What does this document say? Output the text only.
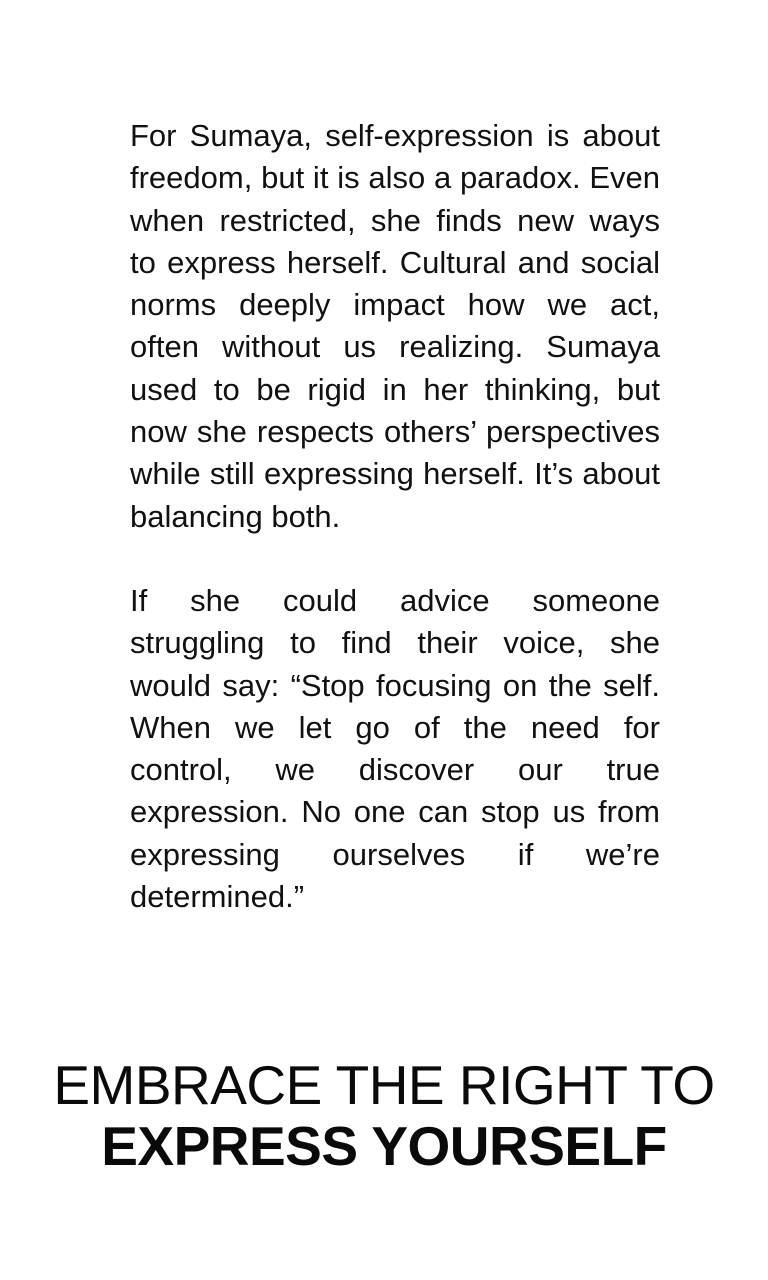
For Sumaya, self-expression is about freedom, but it is also a paradox. Even when restricted, she finds new ways to express herself. Cultural and social norms deeply impact how we act, often without us realizing. Sumaya used to be rigid in her thinking, but now she respects others’ perspectives while still expressing herself. It’s about balancing both.

If she could advice someone struggling to find their voice, she would say: “Stop focusing on the self. When we let go of the need for control, we discover our true expression. No one can stop us from expressing ourselves if we’re determined.”

EMBRACE THE RIGHT TO
EXPRESS YOURSELF
